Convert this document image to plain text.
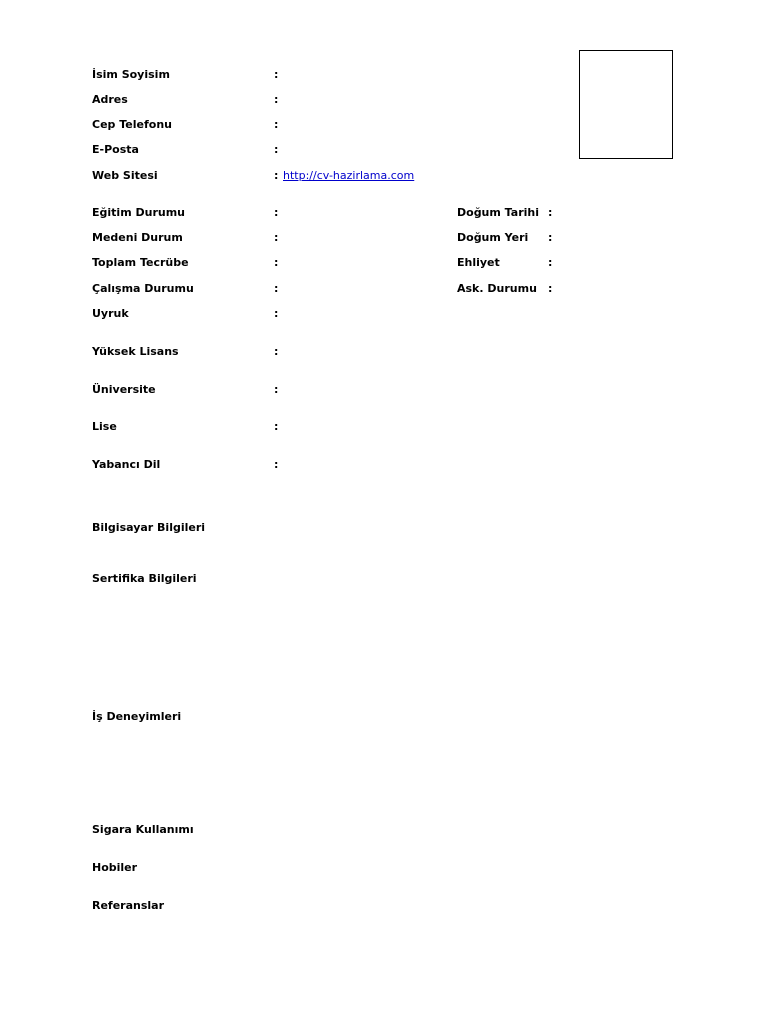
İsim Soyisim	:
Adres	:
Cep Telefonu	:
E-Posta	:
Web Sitesi	: http://cv-hazirlama.com
Eğitim Durumu	:
Medeni Durum	:
Toplam Tecrübe	:
Çalışma Durumu	:
Uyruk	:
Doğum Tarihi :
Doğum Yeri :
Ehliyet	:
Ask. Durumu :
Yüksek Lisans	:
Üniversite	:
Lise	:
Yabancı Dil	:
Bilgisayar Bilgileri
Sertifika Bilgileri
İş Deneyimleri
Sigara Kullanımı
Hobiler
Referanslar
